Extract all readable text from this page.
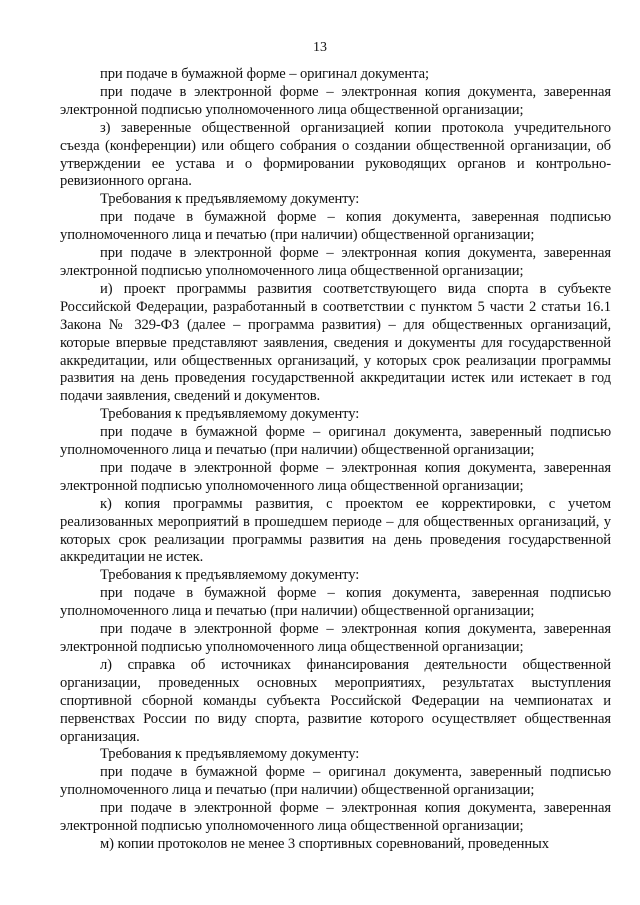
13

при подаче в бумажной форме – оригинал документа;

при подаче в электронной форме – электронная копия документа, заверенная электронной подписью уполномоченного лица общественной организации;

з) заверенные общественной организацией копии протокола учредительного съезда (конференции) или общего собрания о создании общественной организации, об утверждении ее устава и о формировании руководящих органов и контрольно-ревизионного органа.

Требования к предъявляемому документу:

при подаче в бумажной форме – копия документа, заверенная подписью уполномоченного лица и печатью (при наличии) общественной организации;

при подаче в электронной форме – электронная копия документа, заверенная электронной подписью уполномоченного лица общественной организации;

и) проект программы развития соответствующего вида спорта в субъекте Российской Федерации, разработанный в соответствии с пунктом 5 части 2 статьи 16.1 Закона № 329-ФЗ (далее – программа развития) – для общественных организаций, которые впервые представляют заявления, сведения и документы для государственной аккредитации, или общественных организаций, у которых срок реализации программы развития на день проведения государственной аккредитации истек или истекает в год подачи заявления, сведений и документов.

Требования к предъявляемому документу:

при подаче в бумажной форме – оригинал документа, заверенный подписью уполномоченного лица и печатью (при наличии) общественной организации;

при подаче в электронной форме – электронная копия документа, заверенная электронной подписью уполномоченного лица общественной организации;

к) копия программы развития, с проектом ее корректировки, с учетом реализованных мероприятий в прошедшем периоде – для общественных организаций, у которых срок реализации программы развития на день проведения государственной аккредитации не истек.

Требования к предъявляемому документу:

при подаче в бумажной форме – копия документа, заверенная подписью уполномоченного лица и печатью (при наличии) общественной организации;

при подаче в электронной форме – электронная копия документа, заверенная электронной подписью уполномоченного лица общественной организации;

л) справка об источниках финансирования деятельности общественной организации, проведенных основных мероприятиях, результатах выступления спортивной сборной команды субъекта Российской Федерации на чемпионатах и первенствах России по виду спорта, развитие которого осуществляет общественная организация.

Требования к предъявляемому документу:

при подаче в бумажной форме – оригинал документа, заверенный подписью уполномоченного лица и печатью (при наличии) общественной организации;

при подаче в электронной форме – электронная копия документа, заверенная электронной подписью уполномоченного лица общественной организации;

м) копии протоколов не менее 3 спортивных соревнований, проведенных
